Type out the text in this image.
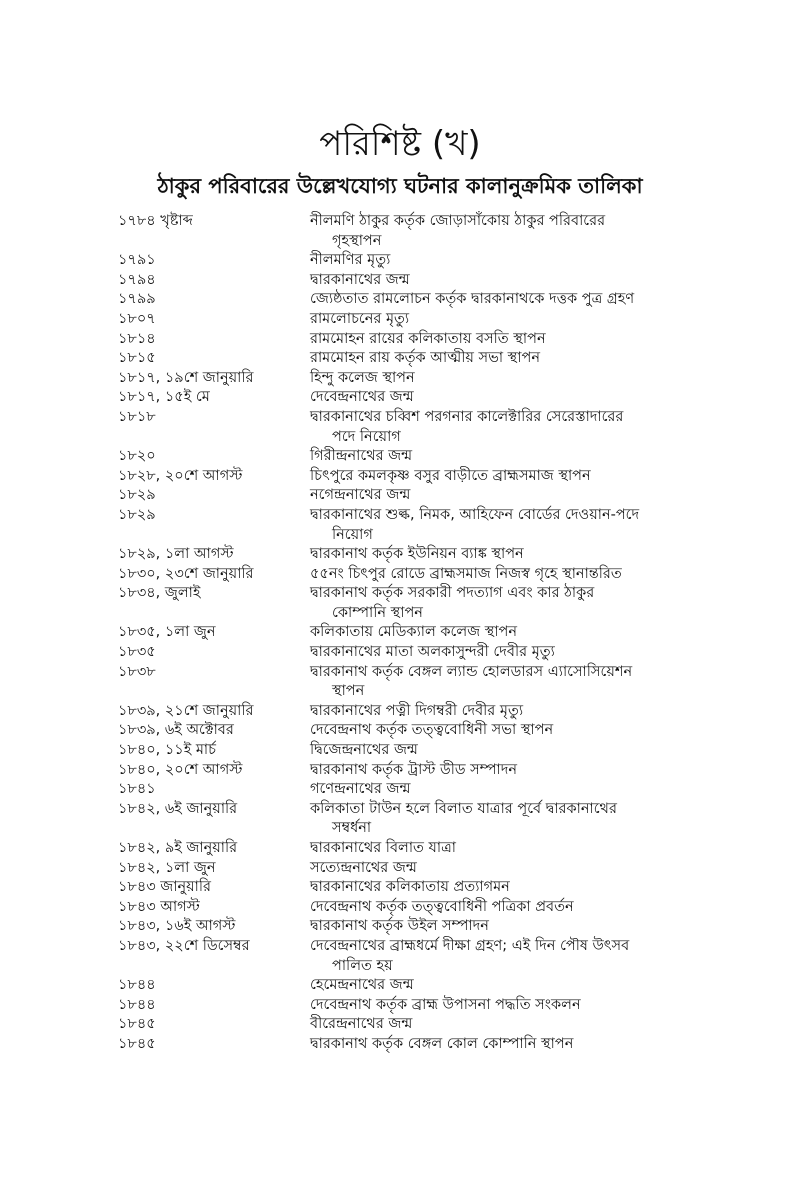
পরিশিষ্ট (খ)
ঠাকুর পরিবারের উল্লেখযোগ্য ঘটনার কালানুক্রমিক তালিকা
১৭৮৪ খৃষ্টাব্দ	নীলমণি ঠাকুর কর্তৃক জোড়াসাঁকোয় ঠাকুর পরিবারের
গৃহস্থাপন
১৭৯১	নীলমণির মৃত্যু
১৭৯৪	দ্বারকানাথের জন্ম
১৭৯৯	জ্যেষ্ঠতাত রামলোচন কর্তৃক দ্বারকানাথকে দত্তক পুত্র গ্রহণ
১৮০৭	রামলোচনের মৃত্যু
১৮১৪	রামমোহন রায়ের কলিকাতায় বসতি স্থাপন
১৮১৫	রামমোহন রায় কর্তৃক আত্মীয় সভা স্থাপন
১৮১৭, ১৯শে জানুয়ারি	হিন্দু কলেজ স্থাপন
১৮১৭, ১৫ই মে	দেবেন্দ্রনাথের জন্ম
১৮১৮	দ্বারকানাথের চব্বিশ পরগনার কালেক্টারির সেরেস্তাদারের
পদে নিয়োগ
১৮২০	গিরীন্দ্রনাথের জন্ম
১৮২৮, ২০শে আগস্ট	চিৎপুরে কমলকৃষ্ণ বসুর বাড়ীতে ব্রাহ্মসমাজ স্থাপন
১৮২৯	নগেন্দ্রনাথের জন্ম
১৮২৯	দ্বারকানাথের শুল্ক, নিমক, আহিফেন বোর্ডের দেওয়ান-পদে
নিয়োগ
১৮২৯, ১লা আগস্ট	দ্বারকানাথ কর্তৃক ইউনিয়ন ব্যাঙ্ক স্থাপন
১৮৩০, ২৩শে জানুয়ারি	৫৫নং চিৎপুর রোডে ব্রাহ্মসমাজ নিজস্ব গৃহে স্থানান্তরিত
১৮৩৪, জুলাই	দ্বারকানাথ কর্তৃক সরকারী পদত্যাগ এবং কার ঠাকুর
কোম্পানি স্থাপন
১৮৩৫, ১লা জুন	কলিকাতায় মেডিক্যাল কলেজ স্থাপন
১৮৩৫	দ্বারকানাথের মাতা অলকাসুন্দরী দেবীর মৃত্যু
১৮৩৮	দ্বারকানাথ কর্তৃক বেঙ্গল ল্যান্ড হোলডারস এ্যাসোসিয়েশন
স্থাপন
১৮৩৯, ২১শে জানুয়ারি	দ্বারকানাথের পত্নী দিগম্বরী দেবীর মৃত্যু
১৮৩৯, ৬ই অক্টোবর	দেবেন্দ্রনাথ কর্তৃক তত্ত্ববোধিনী সভা স্থাপন
১৮৪০, ১১ই মার্চ	দ্বিজেন্দ্রনাথের জন্ম
১৮৪০, ২০শে আগস্ট	দ্বারকানাথ কর্তৃক ট্রাস্ট ডীড সম্পাদন
১৮৪১	গণেন্দ্রনাথের জন্ম
১৮৪২, ৬ই জানুয়ারি	কলিকাতা টাউন হলে বিলাত যাত্রার পূর্বে দ্বারকানাথের
সম্বর্ধনা
১৮৪২, ৯ই জানুয়ারি	দ্বারকানাথের বিলাত যাত্রা
১৮৪২, ১লা জুন	সত্যেন্দ্রনাথের জন্ম
১৮৪৩ জানুয়ারি	দ্বারকানাথের কলিকাতায় প্রত্যাগমন
১৮৪৩ আগস্ট	দেবেন্দ্রনাথ কর্তৃক তত্ত্ববোধিনী পত্রিকা প্রবর্তন
১৮৪৩, ১৬ই আগস্ট	দ্বারকানাথ কর্তৃক উইল সম্পাদন
১৮৪৩, ২২শে ডিসেম্বর	দেবেন্দ্রনাথের ব্রাহ্মধর্মে দীক্ষা গ্রহণ; এই দিন পৌষ উৎসব
পালিত হয়
১৮৪৪	হেমেন্দ্রনাথের জন্ম
১৮৪৪	দেবেন্দ্রনাথ কর্তৃক ব্রাহ্ম উপাসনা পদ্ধতি সংকলন
১৮৪৫	বীরেন্দ্রনাথের জন্ম
১৮৪৫	দ্বারকানাথ কর্তৃক বেঙ্গল কোল কোম্পানি স্থাপন
